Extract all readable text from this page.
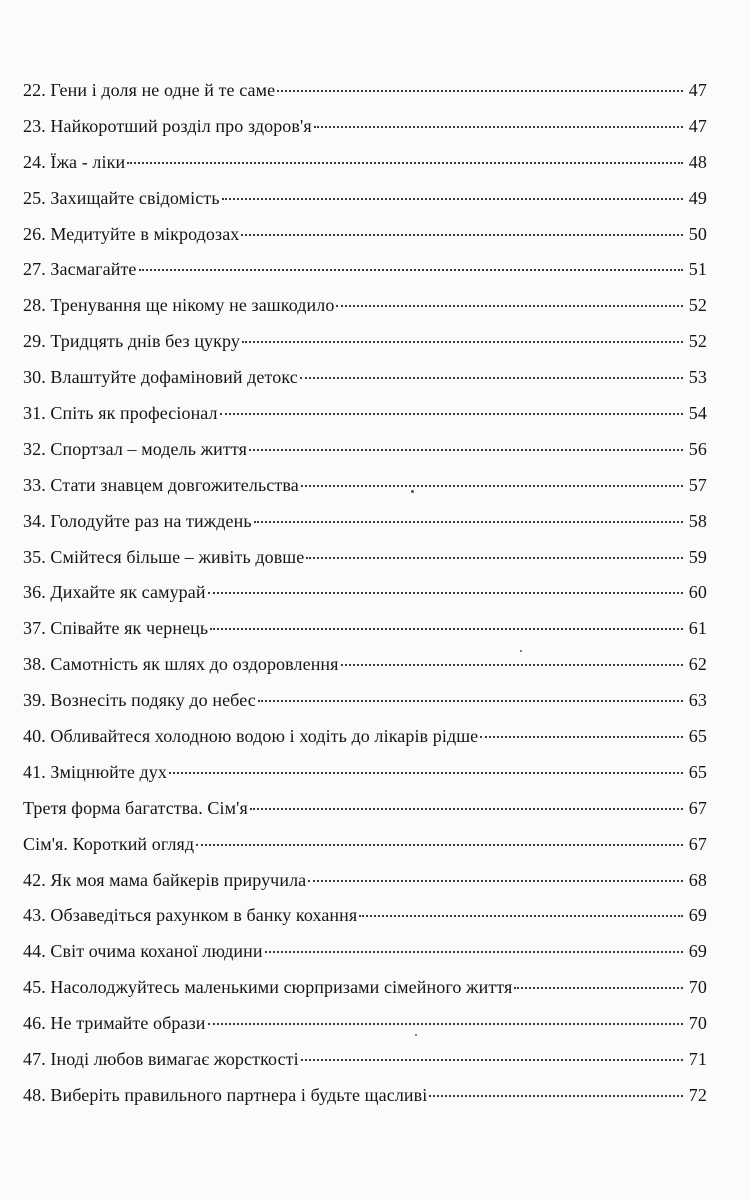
22. Гени і доля не одне й те саме	47
23. Найкоротший розділ про здоров'я	47
24. Їжа - ліки	48
25. Захищайте свідомість	49
26. Медитуйте в мікродозах	50
27. Засмагайте	51
28. Тренування ще нікому не зашкодило	52
29. Тридцять днів без цукру	52
30. Влаштуйте дофаміновий детокс	53
31. Спіть як професіонал	54
32. Спортзал – модель життя	56
33. Стати знавцем довгожительства	57
34. Голодуйте раз на тиждень	58
35. Смійтеся більше – живіть довше	59
36. Дихайте як самурай	60
37. Співайте як чернець	61
38. Самотність як шлях до оздоровлення	62
39. Вознесіть подяку до небес	63
40. Обливайтеся холодною водою і ходіть до лікарів рідше	65
41. Зміцнюйте дух	65
Третя форма багатства. Сім'я	67
Сім'я. Короткий огляд	67
42. Як моя мама байкерів приручила	68
43. Обзаведіться рахунком в банку кохання	69
44. Світ очима коханої людини	69
45. Насолоджуйтесь маленькими сюрпризами сімейного життя	70
46. Не тримайте образи	70
47. Іноді любов вимагає жорсткості	71
48. Виберіть правильного партнера і будьте щасливі	72
